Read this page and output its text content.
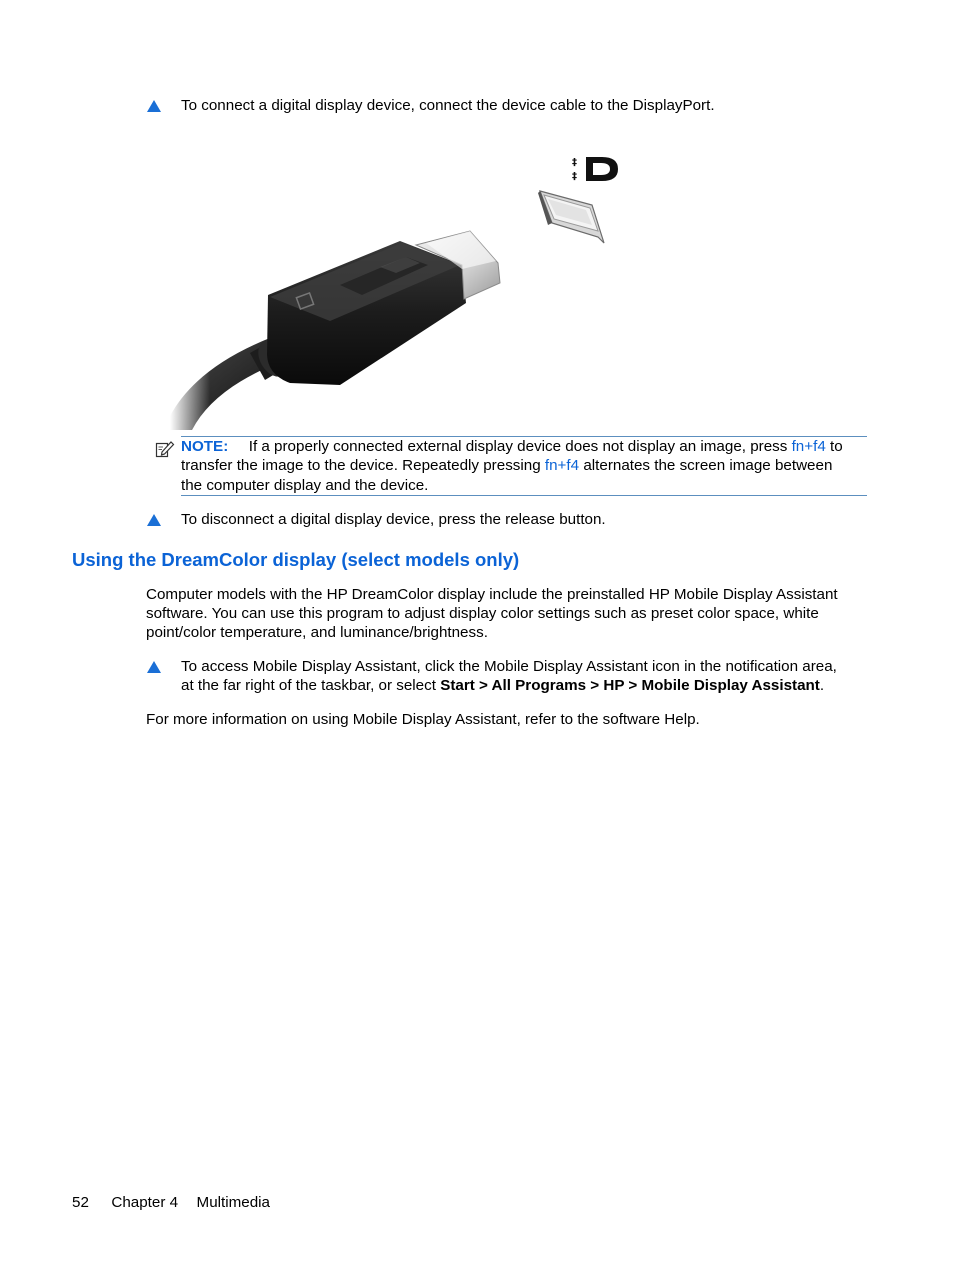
To connect a digital display device, connect the device cable to the DisplayPort.
‡
‡
NOTE: If a properly connected external display device does not display an image, press fn+f4 to
transfer the image to the device. Repeatedly pressing fn+f4 alternates the screen image between
the computer display and the device.
To disconnect a digital display device, press the release button.
Using the DreamColor display (select models only)
Computer models with the HP DreamColor display include the preinstalled HP Mobile Display Assistant
software. You can use this program to adjust display color settings such as preset color space, white
point/color temperature, and luminance/brightness.
To access Mobile Display Assistant, click the Mobile Display Assistant icon in the notification area,
at the far right of the taskbar, or select Start > All Programs > HP > Mobile Display Assistant.
For more information on using Mobile Display Assistant, refer to the software Help.
52 Chapter 4 Multimedia
